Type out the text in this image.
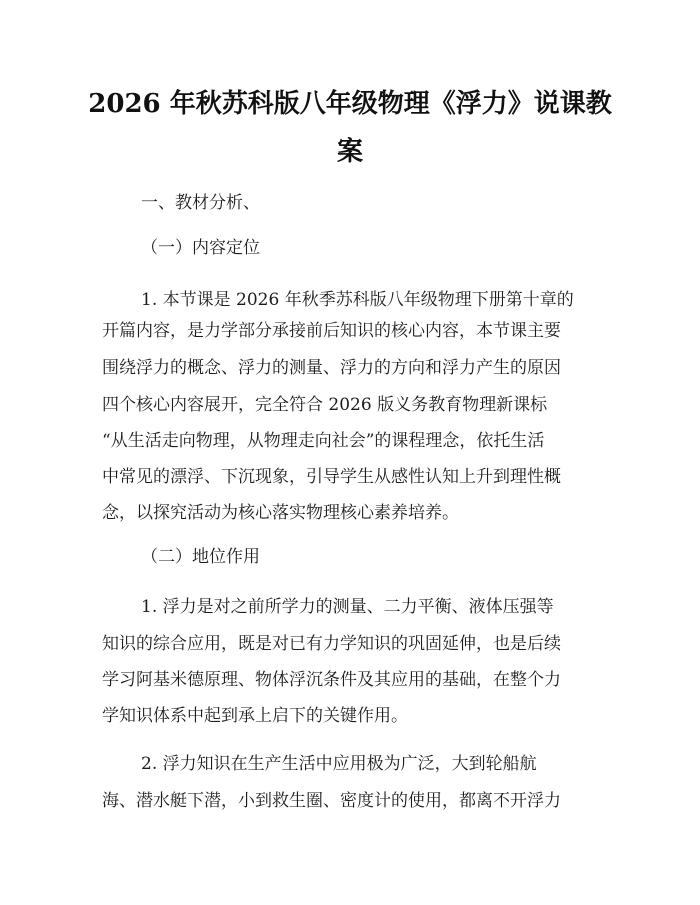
2026 年秋苏科版八年级物理《浮力》说课教
案
一、教材分析、
（一）内容定位
1. 本节课是 2026 年秋季苏科版八年级物理下册第十章的
开篇内容，是力学部分承接前后知识的核心内容，本节课主要
围绕浮力的概念、浮力的测量、浮力的方向和浮力产生的原因
四个核心内容展开，完全符合 2026 版义务教育物理新课标
“从生活走向物理，从物理走向社会”的课程理念，依托生活
中常见的漂浮、下沉现象，引导学生从感性认知上升到理性概
念，以探究活动为核心落实物理核心素养培养。
（二）地位作用
1. 浮力是对之前所学力的测量、二力平衡、液体压强等
知识的综合应用，既是对已有力学知识的巩固延伸，也是后续
学习阿基米德原理、物体浮沉条件及其应用的基础，在整个力
学知识体系中起到承上启下的关键作用。
2. 浮力知识在生产生活中应用极为广泛，大到轮船航
海、潜水艇下潜，小到救生圈、密度计的使用，都离不开浮力
